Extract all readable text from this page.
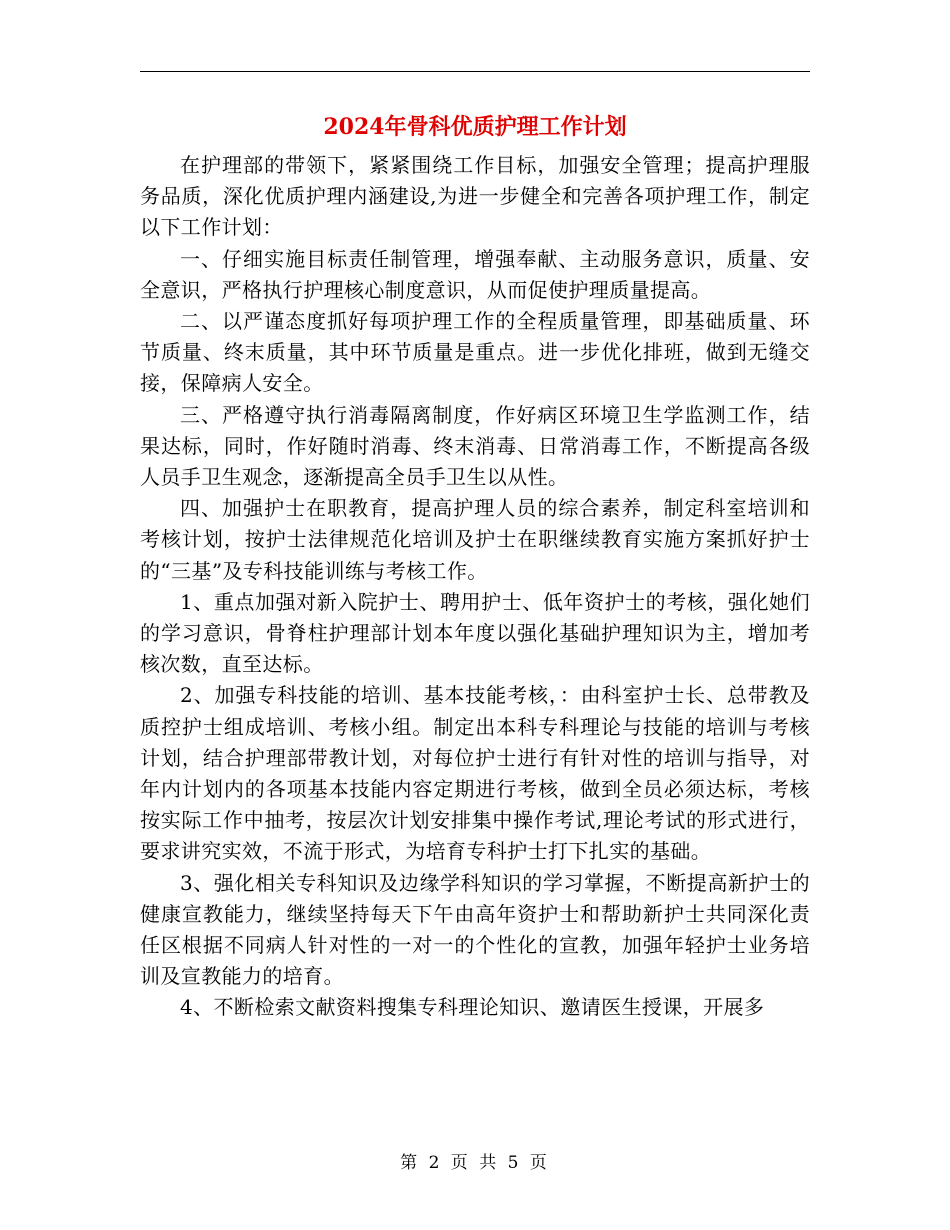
2024年骨科优质护理工作计划

在护理部的带领下，紧紧围绕工作目标，加强安全管理；提高护理服务品质，深化优质护理内涵建设,为进一步健全和完善各项护理工作，制定以下工作计划：

一、仔细实施目标责任制管理，增强奉献、主动服务意识，质量、安全意识，严格执行护理核心制度意识，从而促使护理质量提高。

二、以严谨态度抓好每项护理工作的全程质量管理，即基础质量、环节质量、终末质量，其中环节质量是重点。进一步优化排班，做到无缝交接，保障病人安全。

三、严格遵守执行消毒隔离制度，作好病区环境卫生学监测工作，结果达标，同时，作好随时消毒、终末消毒、日常消毒工作，不断提高各级人员手卫生观念，逐渐提高全员手卫生以从性。

四、加强护士在职教育，提高护理人员的综合素养，制定科室培训和考核计划，按护士法律规范化培训及护士在职继续教育实施方案抓好护士的“三基”及专科技能训练与考核工作。

1、重点加强对新入院护士、聘用护士、低年资护士的考核，强化她们的学习意识，骨脊柱护理部计划本年度以强化基础护理知识为主，增加考核次数，直至达标。

2、加强专科技能的培训、基本技能考核，：由科室护士长、总带教及质控护士组成培训、考核小组。制定出本科专科理论与技能的培训与考核计划，结合护理部带教计划，对每位护士进行有针对性的培训与指导，对年内计划内的各项基本技能内容定期进行考核，做到全员必须达标，考核按实际工作中抽考，按层次计划安排集中操作考试,理论考试的形式进行，要求讲究实效，不流于形式，为培育专科护士打下扎实的基础。

3、强化相关专科知识及边缘学科知识的学习掌握，不断提高新护士的健康宣教能力，继续坚持每天下午由高年资护士和帮助新护士共同深化责任区根据不同病人针对性的一对一的个性化的宣教，加强年轻护士业务培训及宣教能力的培育。

4、不断检索文献资料搜集专科理论知识、邀请医生授课，开展多

第 2 页 共 5 页
